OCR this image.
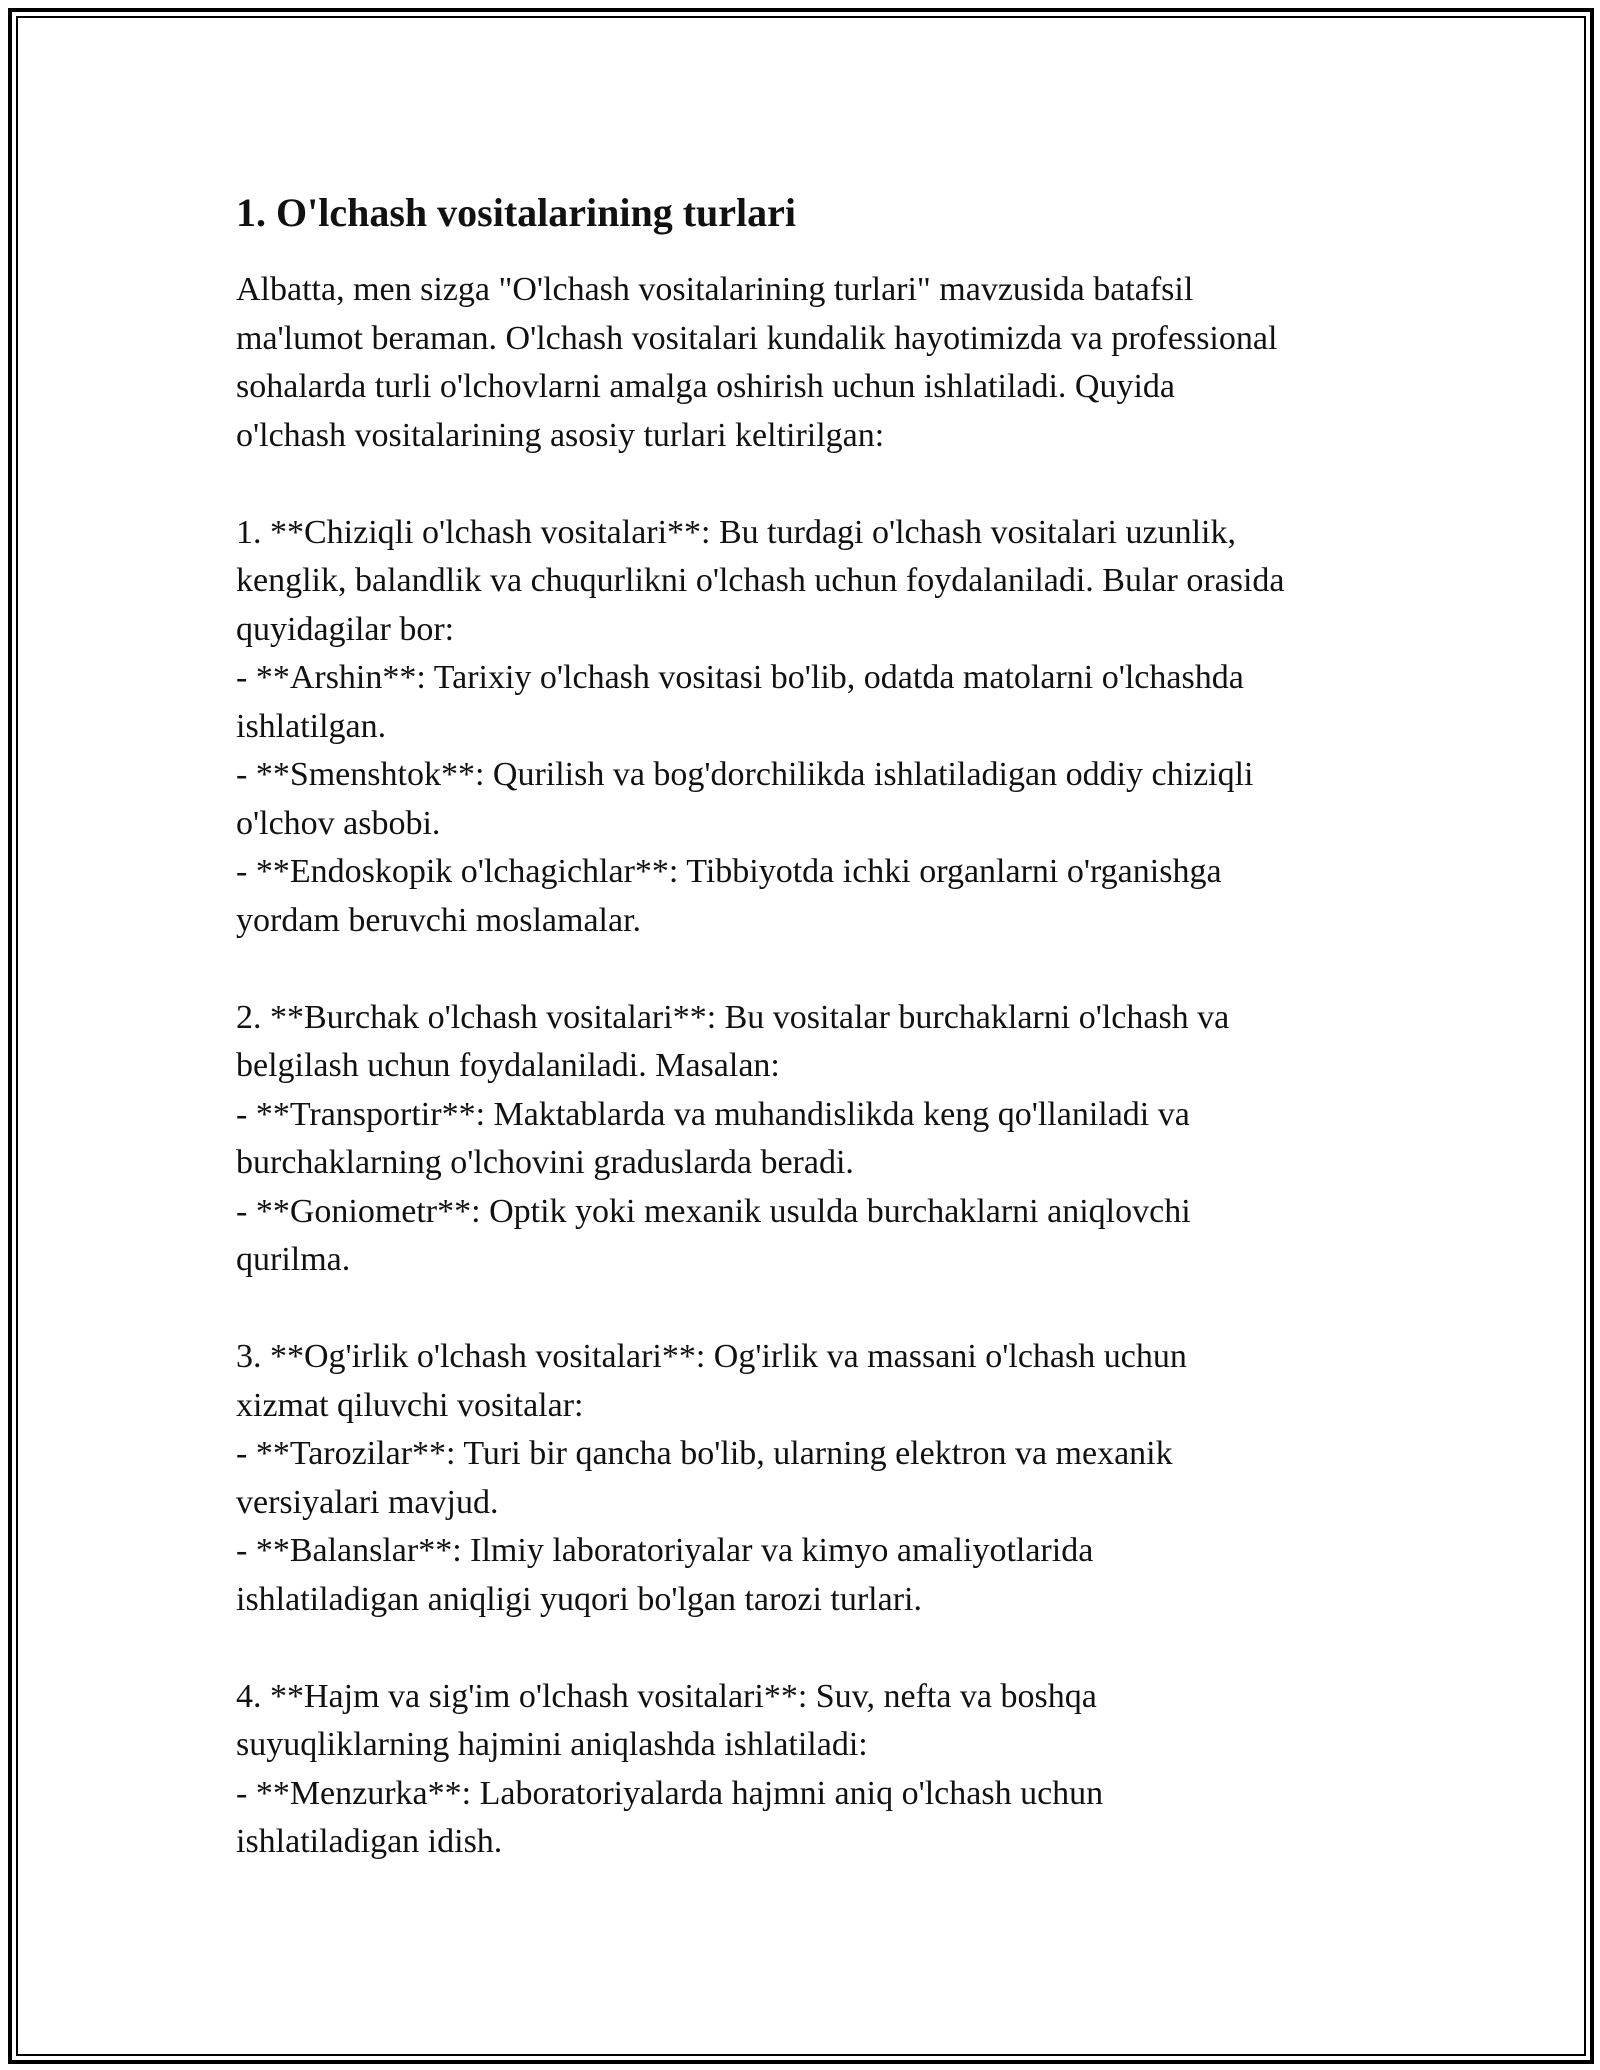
1. O'lchash vositalarining turlari

Albatta, men sizga "O'lchash vositalarining turlari" mavzusida batafsil
ma'lumot beraman. O'lchash vositalari kundalik hayotimizda va professional
sohalarda turli o'lchovlarni amalga oshirish uchun ishlatiladi. Quyida
o'lchash vositalarining asosiy turlari keltirilgan:

1. **Chiziqli o'lchash vositalari**: Bu turdagi o'lchash vositalari uzunlik,
kenglik, balandlik va chuqurlikni o'lchash uchun foydalaniladi. Bular orasida
quyidagilar bor:
- **Arshin**: Tarixiy o'lchash vositasi bo'lib, odatda matolarni o'lchashda
ishlatilgan.
- **Smenshtok**: Qurilish va bog'dorchilikda ishlatiladigan oddiy chiziqli
o'lchov asbobi.
- **Endoskopik o'lchagichlar**: Tibbiyotda ichki organlarni o'rganishga
yordam beruvchi moslamalar.

2. **Burchak o'lchash vositalari**: Bu vositalar burchaklarni o'lchash va
belgilash uchun foydalaniladi. Masalan:
- **Transportir**: Maktablarda va muhandislikda keng qo'llaniladi va
burchaklarning o'lchovini graduslarda beradi.
- **Goniometr**: Optik yoki mexanik usulda burchaklarni aniqlovchi
qurilma.

3. **Og'irlik o'lchash vositalari**: Og'irlik va massani o'lchash uchun
xizmat qiluvchi vositalar:
- **Tarozilar**: Turi bir qancha bo'lib, ularning elektron va mexanik
versiyalari mavjud.
- **Balanslar**: Ilmiy laboratoriyalar va kimyo amaliyotlarida
ishlatiladigan aniqligi yuqori bo'lgan tarozi turlari.

4. **Hajm va sig'im o'lchash vositalari**: Suv, nefta va boshqa
suyuqliklarning hajmini aniqlashda ishlatiladi:
- **Menzurka**: Laboratoriyalarda hajmni aniq o'lchash uchun
ishlatiladigan idish.
